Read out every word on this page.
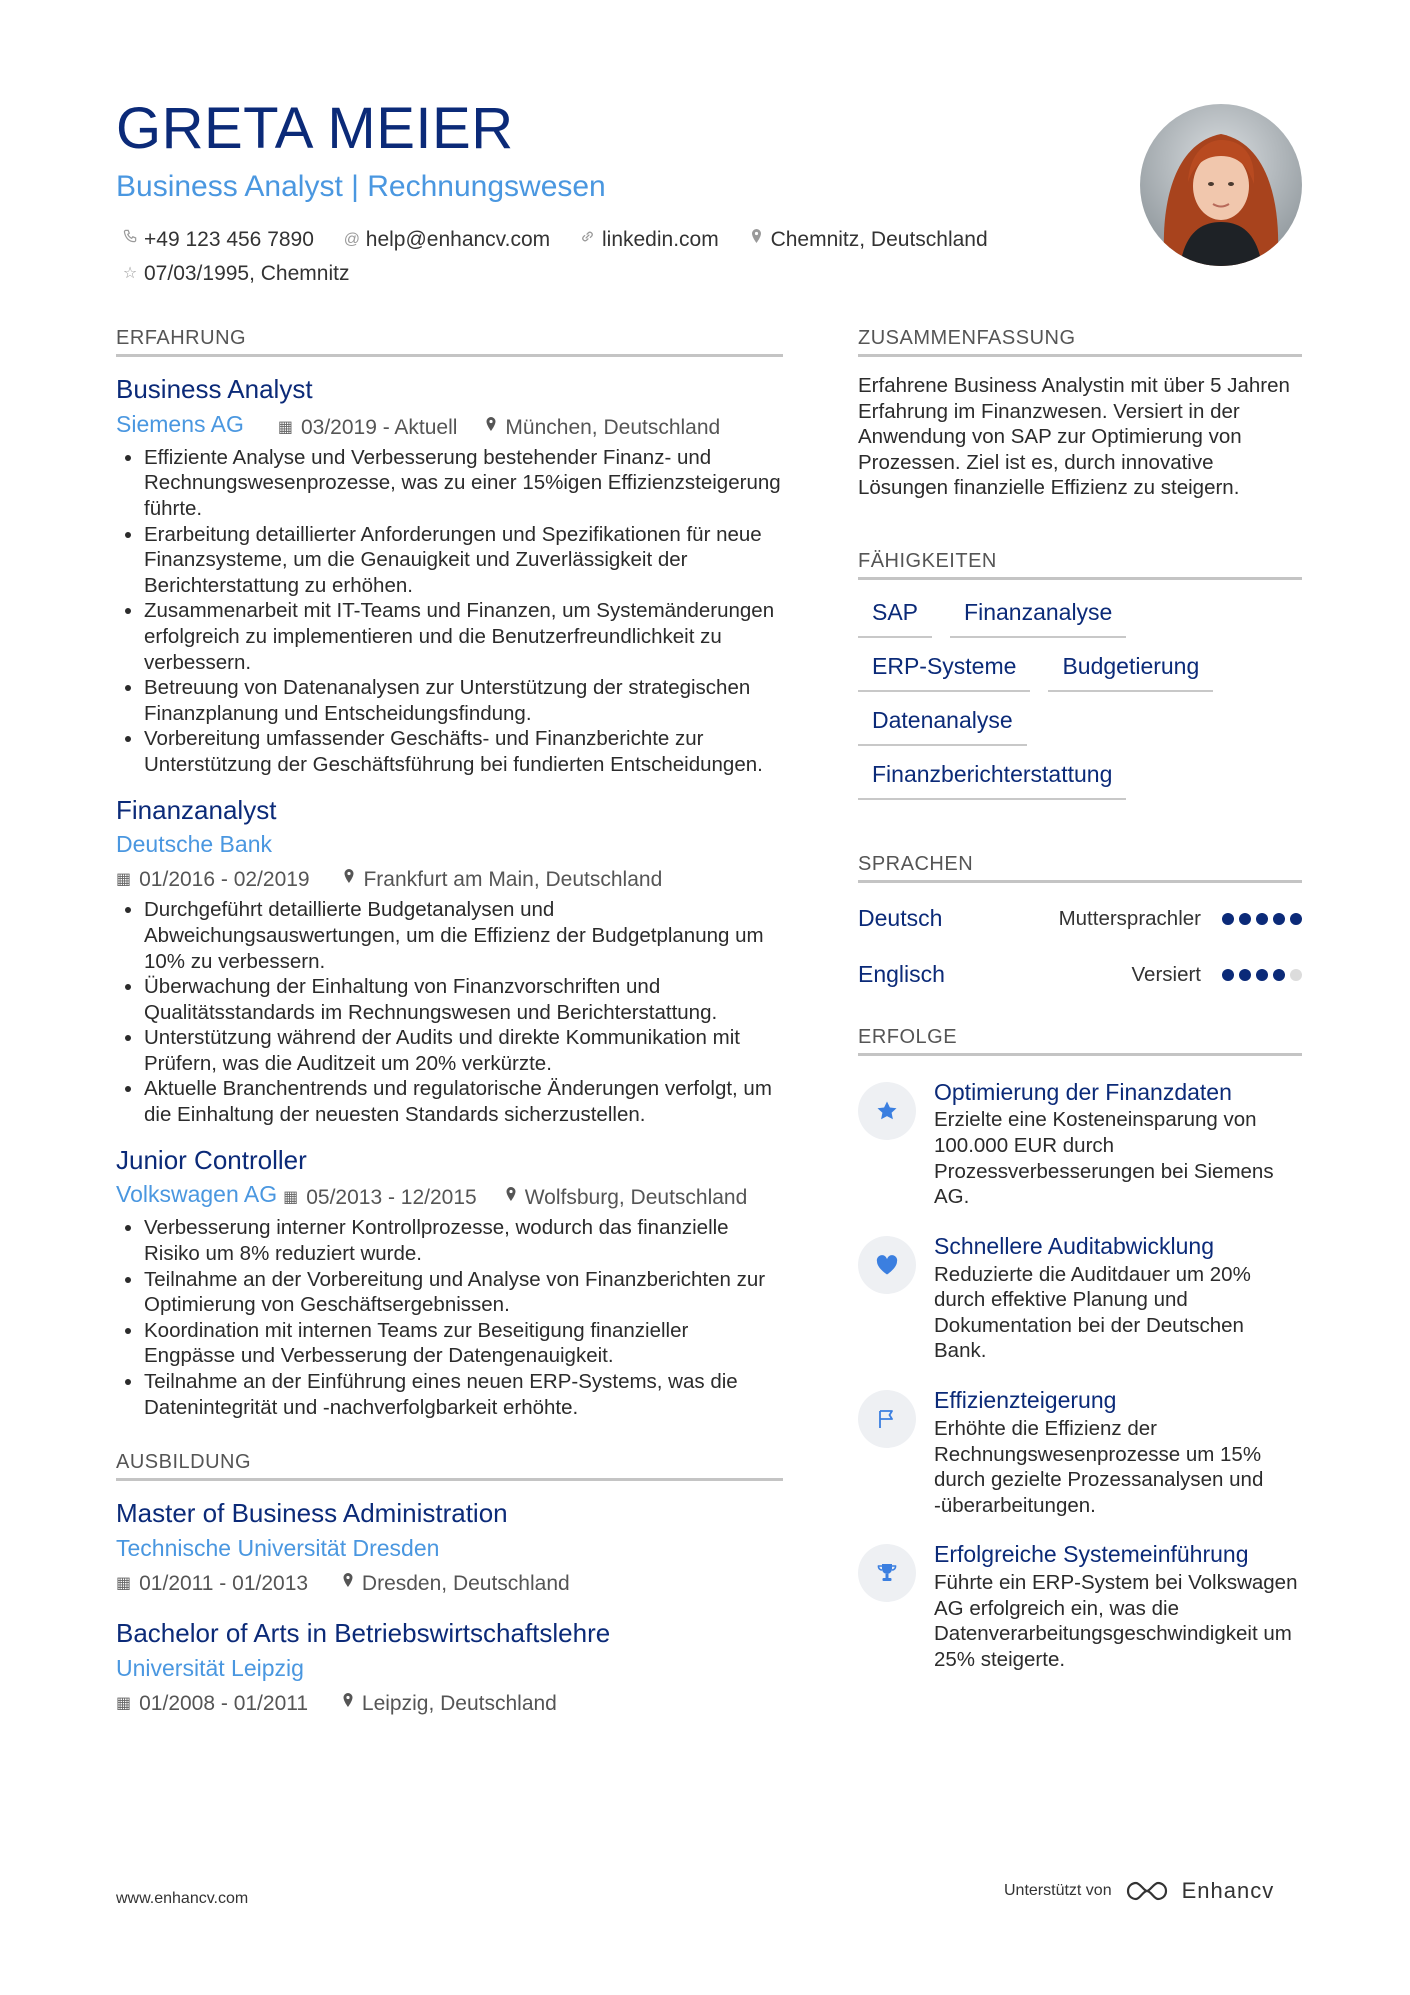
GRETA MEIER
Business Analyst | Rechnungswesen
+49 123 456 7890
@ help@enhancv.com
linkedin.com
Chemnitz, Deutschland

☆ 07/03/1995, Chemnitz
ERFAHRUNG
Business Analyst
Siemens AG ▦ 03/2019 - Aktuell München, Deutschland
• Effiziente Analyse und Verbesserung bestehender Finanz- und Rechnungswesenprozesse, was zu einer 15%igen Effizienzsteigerung führte.
• Erarbeitung detaillierter Anforderungen und Spezifikationen für neue Finanzsysteme, um die Genauigkeit und Zuverlässigkeit der Berichterstattung zu erhöhen.
• Zusammenarbeit mit IT-Teams und Finanzen, um Systemänderungen erfolgreich zu implementieren und die Benutzerfreundlichkeit zu verbessern.
• Betreuung von Datenanalysen zur Unterstützung der strategischen Finanzplanung und Entscheidungsfindung.
• Vorbereitung umfassender Geschäfts- und Finanzberichte zur Unterstützung der Geschäftsführung bei fundierten Entscheidungen.
Finanzanalyst
Deutsche Bank
▦ 01/2016 - 02/2019
	Frankfurt am Main, Deutschland
• Durchgeführt detaillierte Budgetanalysen und Abweichungsauswertungen, um die Effizienz der Budgetplanung um 10% zu verbessern.
• Überwachung der Einhaltung von Finanzvorschriften und Qualitätsstandards im Rechnungswesen und Berichterstattung.
• Unterstützung während der Audits und direkte Kommunikation mit Prüfern, was die Auditzeit um 20% verkürzte.
• Aktuelle Branchentrends und regulatorische Änderungen verfolgt, um die Einhaltung der neuesten Standards sicherzustellen.
Junior Controller
Volkswagen AG ▦ 05/2013 - 12/2015 Wolfsburg, Deutschland
• Verbesserung interner Kontrollprozesse, wodurch das finanzielle Risiko um 8% reduziert wurde.
• Teilnahme an der Vorbereitung und Analyse von Finanzberichten zur Optimierung von Geschäftsergebnissen.
• Koordination mit internen Teams zur Beseitigung finanzieller Engpässe und Verbesserung der Datengenauigkeit.
• Teilnahme an der Einführung eines neuen ERP-Systems, was die Datenintegrität und -nachverfolgbarkeit erhöhte.
AUSBILDUNG
Master of Business Administration
Technische Universität Dresden
▦ 01/2011 - 01/2013
	Dresden, Deutschland
Bachelor of Arts in Betriebswirtschaftslehre
Universität Leipzig
▦ 01/2008 - 01/2011
	Leipzig, Deutschland
ZUSAMMENFASSUNG
Erfahrene Business Analystin mit über 5 Jahren Erfahrung im Finanzwesen. Versiert in der Anwendung von SAP zur Optimierung von Prozessen. Ziel ist es, durch innovative Lösungen finanzielle Effizienz zu steigern.
FÄHIGKEITEN
SAP	Finanzanalyse
ERP-Systeme	Budgetierung
Datenanalyse
Finanzberichterstattung
SPRACHEN
Deutsch	Muttersprachler
Englisch	Versiert
ERFOLGE
Optimierung der Finanzdaten
Erzielte eine Kosteneinsparung von 100.000 EUR durch Prozessverbesserungen bei Siemens AG.
Schnellere Auditabwicklung
Reduzierte die Auditdauer um 20% durch effektive Planung und Dokumentation bei der Deutschen Bank.
Effizienzteigerung
Erhöhte die Effizienz der Rechnungswesenprozesse um 15% durch gezielte Prozessanalysen und -überarbeitungen.
Erfolgreiche Systemeinführung
Führte ein ERP-System bei Volkswagen AG erfolgreich ein, was die Datenverarbeitungsgeschwindigkeit um 25% steigerte.
www.enhancv.com	Unterstützt von	Enhancv
